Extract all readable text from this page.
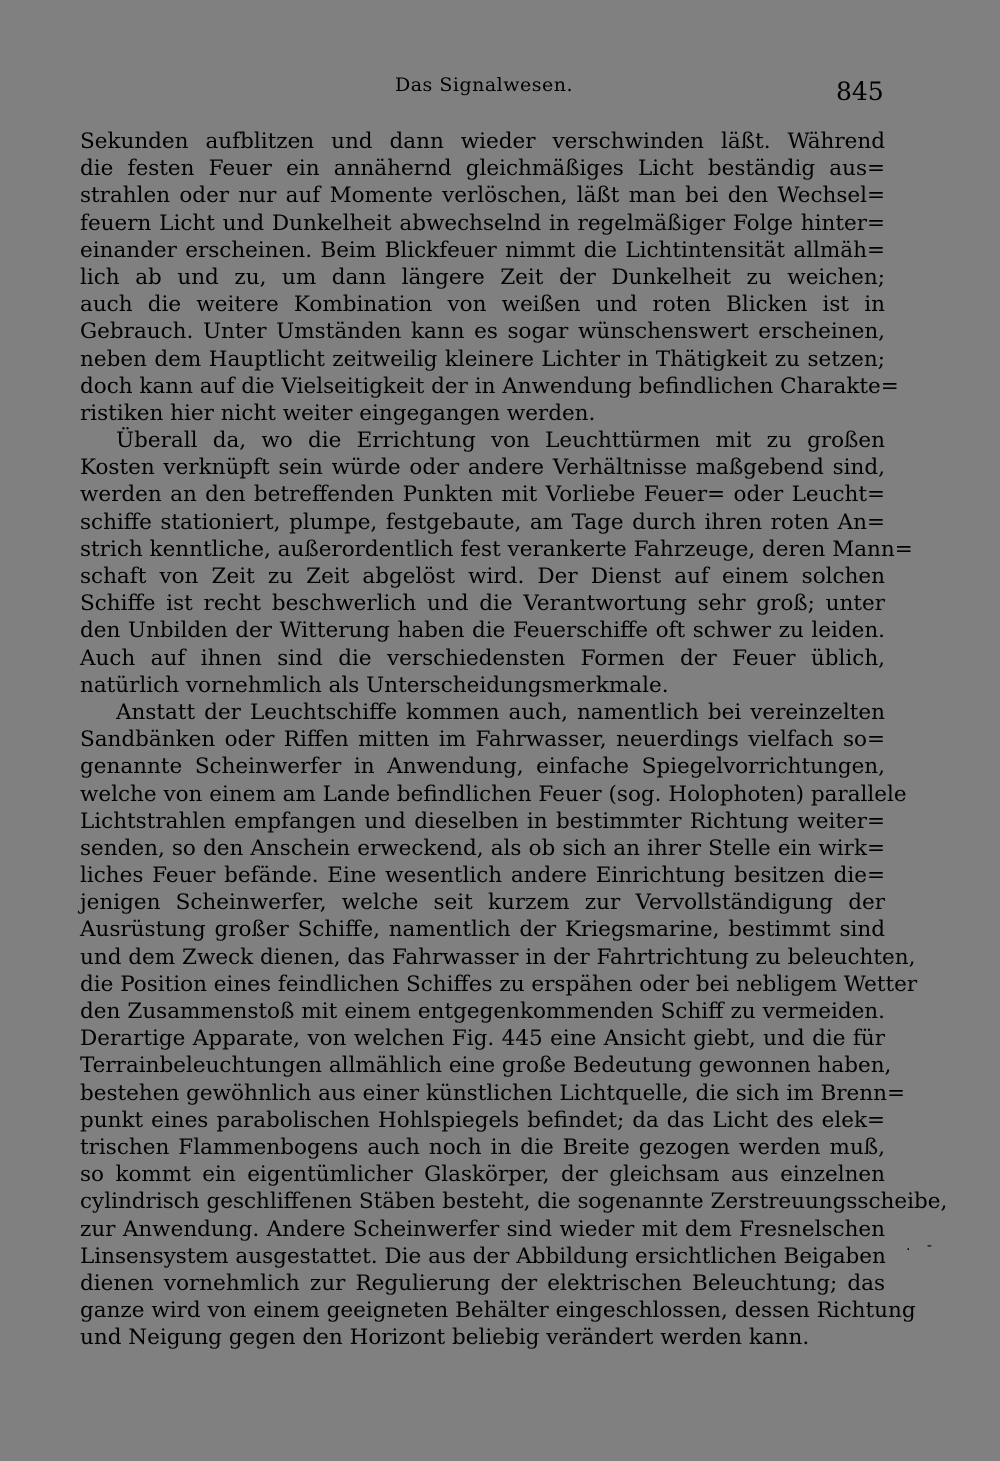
Das Signalwesen.	845
Sekunden aufblitzen und dann wieder verschwinden läßt. Während
die festen Feuer ein annähernd gleichmäßiges Licht beständig aus=
strahlen oder nur auf Momente verlöschen, läßt man bei den Wechsel=
feuern Licht und Dunkelheit abwechselnd in regelmäßiger Folge hinter=
einander erscheinen. Beim Blickfeuer nimmt die Lichtintensität allmäh=
lich ab und zu, um dann längere Zeit der Dunkelheit zu weichen;
auch die weitere Kombination von weißen und roten Blicken ist in
Gebrauch. Unter Umständen kann es sogar wünschenswert erscheinen,
neben dem Hauptlicht zeitweilig kleinere Lichter in Thätigkeit zu setzen;
doch kann auf die Vielseitigkeit der in Anwendung befindlichen Charakte=
ristiken hier nicht weiter eingegangen werden.
Überall da, wo die Errichtung von Leuchttürmen mit zu großen
Kosten verknüpft sein würde oder andere Verhältnisse maßgebend sind,
werden an den betreffenden Punkten mit Vorliebe Feuer= oder Leucht=
schiffe stationiert, plumpe, festgebaute, am Tage durch ihren roten An=
strich kenntliche, außerordentlich fest verankerte Fahrzeuge, deren Mann=
schaft von Zeit zu Zeit abgelöst wird. Der Dienst auf einem solchen
Schiffe ist recht beschwerlich und die Verantwortung sehr groß; unter
den Unbilden der Witterung haben die Feuerschiffe oft schwer zu leiden.
Auch auf ihnen sind die verschiedensten Formen der Feuer üblich,
natürlich vornehmlich als Unterscheidungsmerkmale.
Anstatt der Leuchtschiffe kommen auch, namentlich bei vereinzelten
Sandbänken oder Riffen mitten im Fahrwasser, neuerdings vielfach so=
genannte Scheinwerfer in Anwendung, einfache Spiegelvorrichtungen,
welche von einem am Lande befindlichen Feuer (sog. Holophoten) parallele
Lichtstrahlen empfangen und dieselben in bestimmter Richtung weiter=
senden, so den Anschein erweckend, als ob sich an ihrer Stelle ein wirk=
liches Feuer befände. Eine wesentlich andere Einrichtung besitzen die=
jenigen Scheinwerfer, welche seit kurzem zur Vervollständigung der
Ausrüstung großer Schiffe, namentlich der Kriegsmarine, bestimmt sind
und dem Zweck dienen, das Fahrwasser in der Fahrtrichtung zu beleuchten,
die Position eines feindlichen Schiffes zu erspähen oder bei nebligem Wetter
den Zusammenstoß mit einem entgegenkommenden Schiff zu vermeiden.
Derartige Apparate, von welchen Fig. 445 eine Ansicht giebt, und die für
Terrainbeleuchtungen allmählich eine große Bedeutung gewonnen haben,
bestehen gewöhnlich aus einer künstlichen Lichtquelle, die sich im Brenn=
punkt eines parabolischen Hohlspiegels befindet; da das Licht des elek=
trischen Flammenbogens auch noch in die Breite gezogen werden muß,
so kommt ein eigentümlicher Glaskörper, der gleichsam aus einzelnen
cylindrisch geschliffenen Stäben besteht, die sogenannte Zerstreuungsscheibe,
zur Anwendung. Andere Scheinwerfer sind wieder mit dem Fresnelschen
Linsensystem ausgestattet. Die aus der Abbildung ersichtlichen Beigaben
dienen vornehmlich zur Regulierung der elektrischen Beleuchtung; das
ganze wird von einem geeigneten Behälter eingeschlossen, dessen Richtung
und Neigung gegen den Horizont beliebig verändert werden kann.
. -
